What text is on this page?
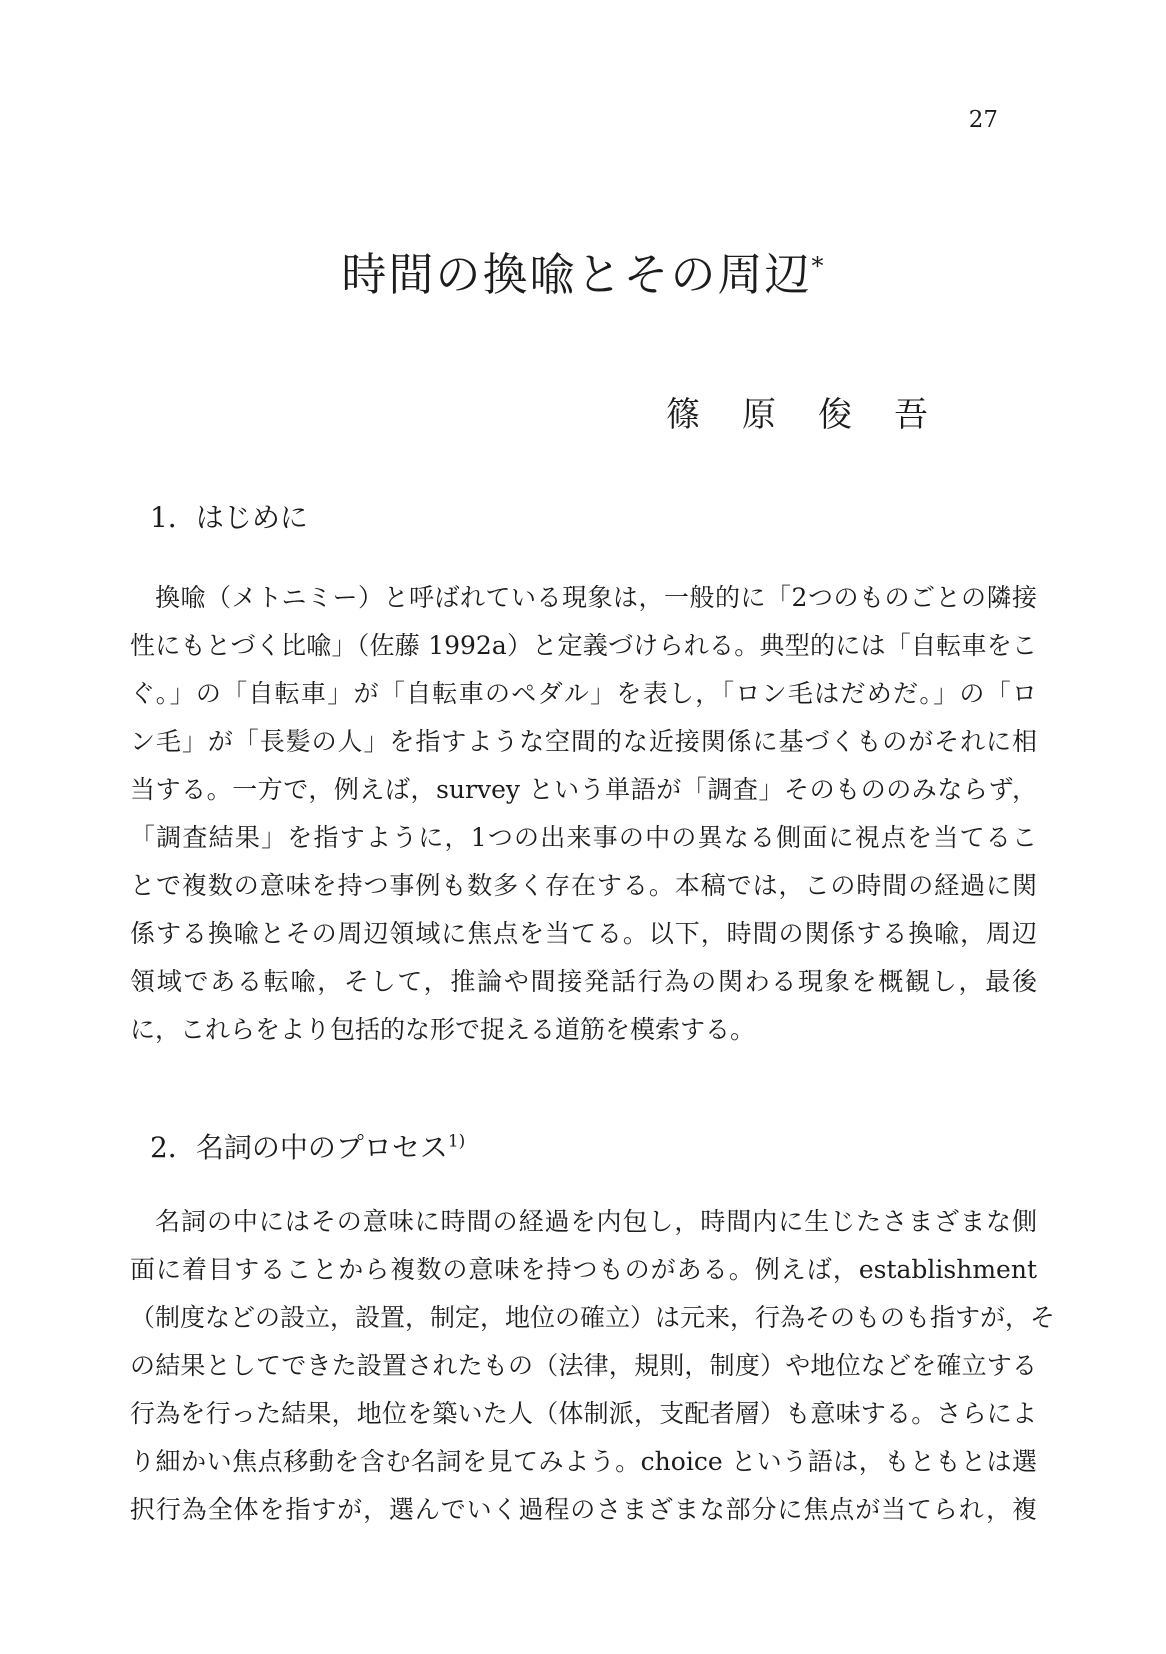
27
時間の換喩とその周辺*
篠　原　俊　吾
1．はじめに

換喩（メトニミー）と呼ばれている現象は，一般的に「2つのものごとの隣接

性にもとづく比喩」（佐藤 1992a）と定義づけられる。典型的には「自転車をこ

ぐ。」の「自転車」が「自転車のペダル」を表し，「ロン毛はだめだ。」の「ロ

ン毛」が「長髪の人」を指すような空間的な近接関係に基づくものがそれに相

当する。一方で，例えば，survey という単語が「調査」そのもののみならず，

「調査結果」を指すように，1つの出来事の中の異なる側面に視点を当てるこ

とで複数の意味を持つ事例も数多く存在する。本稿では，この時間の経過に関

係する換喩とその周辺領域に焦点を当てる。以下，時間の関係する換喩，周辺

領域である転喩，そして，推論や間接発話行為の関わる現象を概観し，最後

に，これらをより包括的な形で捉える道筋を模索する。

2．名詞の中のプロセス$^{1)}$

名詞の中にはその意味に時間の経過を内包し，時間内に生じたさまざまな側

面に着目することから複数の意味を持つものがある。例えば，establishment

（制度などの設立，設置，制定，地位の確立）は元来，行為そのものも指すが，そ

の結果としてできた設置されたもの（法律，規則，制度）や地位などを確立する

行為を行った結果，地位を築いた人（体制派，支配者層）も意味する。さらによ

り細かい焦点移動を含む名詞を見てみよう。choice という語は，もともとは選

択行為全体を指すが，選んでいく過程のさまざまな部分に焦点が当てられ，複
